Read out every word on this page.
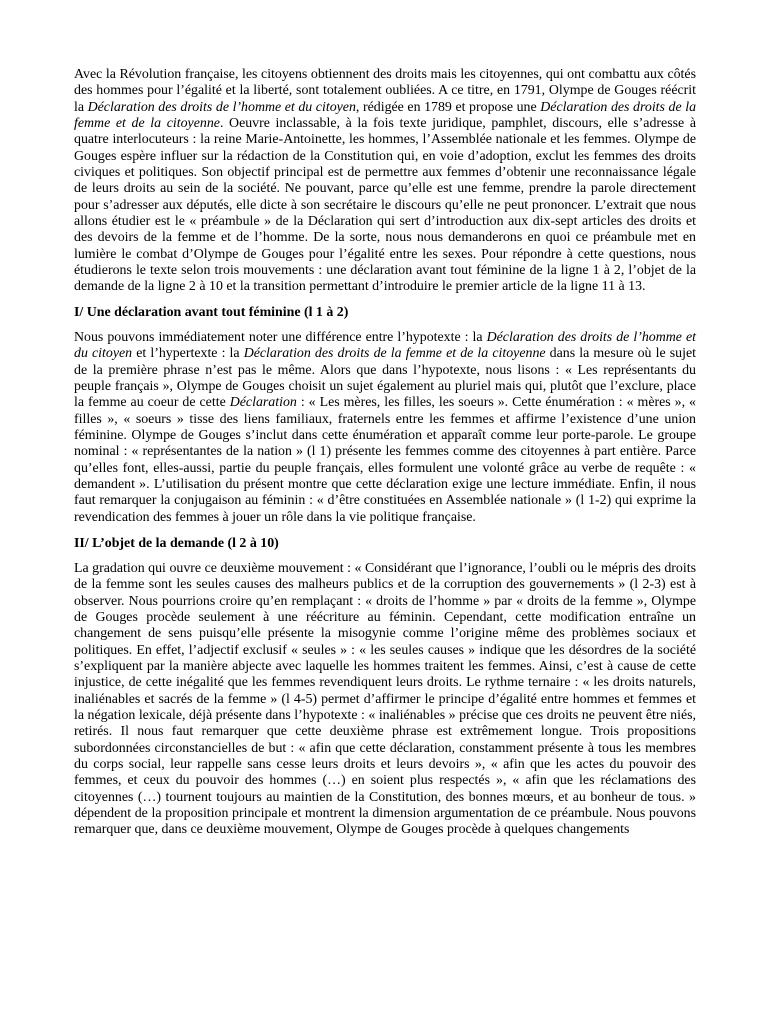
Avec la Révolution française, les citoyens obtiennent des droits mais les citoyennes, qui ont combattu aux côtés des hommes pour l’égalité et la liberté, sont totalement oubliées. A ce titre, en 1791, Olympe de Gouges réécrit la Déclaration des droits de l’homme et du citoyen, rédigée en 1789 et propose une Déclaration des droits de la femme et de la citoyenne. Oeuvre inclassable, à la fois texte juridique, pamphlet, discours, elle s’adresse à quatre interlocuteurs : la reine Marie-Antoinette, les hommes, l’Assemblée nationale et les femmes. Olympe de Gouges espère influer sur la rédaction de la Constitution qui, en voie d’adoption, exclut les femmes des droits civiques et politiques. Son objectif principal est de permettre aux femmes d’obtenir une reconnaissance légale de leurs droits au sein de la société. Ne pouvant, parce qu’elle est une femme, prendre la parole directement pour s’adresser aux députés, elle dicte à son secrétaire le discours qu’elle ne peut prononcer. L’extrait que nous allons étudier est le « préambule » de la Déclaration qui sert d’introduction aux dix-sept articles des droits et des devoirs de la femme et de l’homme. De la sorte, nous nous demanderons en quoi ce préambule met en lumière le combat d’Olympe de Gouges pour l’égalité entre les sexes. Pour répondre à cette questions, nous étudierons le texte selon trois mouvements : une déclaration avant tout féminine de la ligne 1 à 2, l’objet de la demande de la ligne 2 à 10 et la transition permettant d’introduire le premier article de la ligne 11 à 13.

I/ Une déclaration avant tout féminine (l 1 à 2)

Nous pouvons immédiatement noter une différence entre l’hypotexte : la Déclaration des droits de l’homme et du citoyen et l’hypertexte : la Déclaration des droits de la femme et de la citoyenne dans la mesure où le sujet de la première phrase n’est pas le même. Alors que dans l’hypotexte, nous lisons : « Les représentants du peuple français », Olympe de Gouges choisit un sujet également au pluriel mais qui, plutôt que l’exclure, place la femme au coeur de cette Déclaration : « Les mères, les filles, les soeurs ». Cette énumération : « mères », « filles », « soeurs » tisse des liens familiaux, fraternels entre les femmes et affirme l’existence d’une union féminine. Olympe de Gouges s’inclut dans cette énumération et apparaît comme leur porte-parole. Le groupe nominal : « représentantes de la nation » (l 1) présente les femmes comme des citoyennes à part entière. Parce qu’elles font, elles-aussi, partie du peuple français, elles formulent une volonté grâce au verbe de requête : « demandent ». L’utilisation du présent montre que cette déclaration exige une lecture immédiate. Enfin, il nous faut remarquer la conjugaison au féminin : « d’être constituées en Assemblée nationale » (l 1-2) qui exprime la revendication des femmes à jouer un rôle dans la vie politique française.

II/ L’objet de la demande (l 2 à 10)

La gradation qui ouvre ce deuxième mouvement : « Considérant que l’ignorance, l’oubli ou le mépris des droits de la femme sont les seules causes des malheurs publics et de la corruption des gouvernements » (l 2-3) est à observer. Nous pourrions croire qu’en remplaçant : « droits de l’homme » par « droits de la femme », Olympe de Gouges procède seulement à une réécriture au féminin. Cependant, cette modification entraîne un changement de sens puisqu’elle présente la misogynie comme l’origine même des problèmes sociaux et politiques. En effet, l’adjectif exclusif « seules » : « les seules causes » indique que les désordres de la société s’expliquent par la manière abjecte avec laquelle les hommes traitent les femmes. Ainsi, c’est à cause de cette injustice, de cette inégalité que les femmes revendiquent leurs droits. Le rythme ternaire : « les droits naturels, inaliénables et sacrés de la femme » (l 4-5) permet d’affirmer le principe d’égalité entre hommes et femmes et la négation lexicale, déjà présente dans l’hypotexte : « inaliénables » précise que ces droits ne peuvent être niés, retirés. Il nous faut remarquer que cette deuxième phrase est extrêmement longue. Trois propositions subordonnées circonstancielles de but : « afin que cette déclaration, constamment présente à tous les membres du corps social, leur rappelle sans cesse leurs droits et leurs devoirs », « afin que les actes du pouvoir des femmes, et ceux du pouvoir des hommes (…) en soient plus respectés », « afin que les réclamations des citoyennes (…) tournent toujours au maintien de la Constitution, des bonnes mœurs, et au bonheur de tous. » dépendent de la proposition principale et montrent la dimension argumentation de ce préambule. Nous pouvons remarquer que, dans ce deuxième mouvement, Olympe de Gouges procède à quelques changements
